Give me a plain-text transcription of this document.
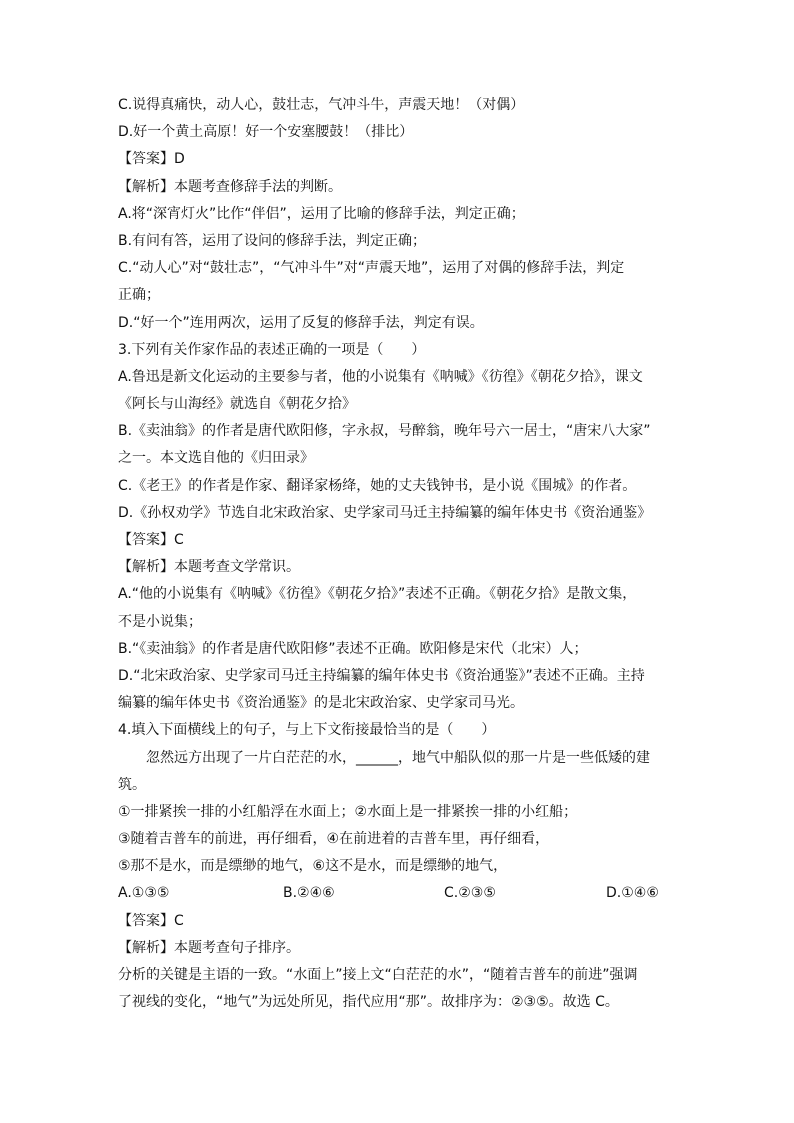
C.说得真痛快，动人心，鼓壮志，气冲斗牛，声震天地！（对偶）
D.好一个黄土高原！好一个安塞腰鼓！（排比）
【答案】D
【解析】本题考查修辞手法的判断。
A.将“深宵灯火”比作“伴侣”，运用了比喻的修辞手法，判定正确；
B.有问有答，运用了设问的修辞手法，判定正确；
C.“动人心”对“鼓壮志”，“气冲斗牛”对“声震天地”，运用了对偶的修辞手法，判定
正确；
D.“好一个”连用两次，运用了反复的修辞手法，判定有误。
3.下列有关作家作品的表述正确的一项是（　　）
A.鲁迅是新文化运动的主要参与者，他的小说集有《呐喊》《彷徨》《朝花夕拾》，课文
《阿长与山海经》就选自《朝花夕拾》
B.《卖油翁》的作者是唐代欧阳修，字永叔，号醉翁，晚年号六一居士，“唐宋八大家”
之一。本文选自他的《归田录》
C.《老王》的作者是作家、翻译家杨绛，她的丈夫钱钟书，是小说《围城》的作者。
D.《孙权劝学》节选自北宋政治家、史学家司马迁主持编纂的编年体史书《资治通鉴》
【答案】C
【解析】本题考查文学常识。
A.“他的小说集有《呐喊》《彷徨》《朝花夕拾》”表述不正确。《朝花夕拾》是散文集，
不是小说集；
B.“《卖油翁》的作者是唐代欧阳修”表述不正确。欧阳修是宋代（北宋）人；
D.“北宋政治家、史学家司马迁主持编纂的编年体史书《资治通鉴》”表述不正确。主持
编纂的编年体史书《资治通鉴》的是北宋政治家、史学家司马光。
4.填入下面横线上的句子，与上下文衔接最恰当的是（　　）
忽然远方出现了一片白茫茫的水，______，地气中船队似的那一片是一些低矮的建
筑。
①一排紧挨一排的小红船浮在水面上；②水面上是一排紧挨一排的小红船；
③随着吉普车的前进，再仔细看，④在前进着的吉普车里，再仔细看，
⑤那不是水，而是缥缈的地气，⑥这不是水，而是缥缈的地气，
A.①③⑤	B.②④⑥	C.②③⑤	D.①④⑥
【答案】C
【解析】本题考查句子排序。
分析的关键是主语的一致。“水面上”接上文“白茫茫的水”，“随着吉普车的前进”强调
了视线的变化，“地气”为远处所见，指代应用“那”。故排序为：②③⑤。故选 C。
